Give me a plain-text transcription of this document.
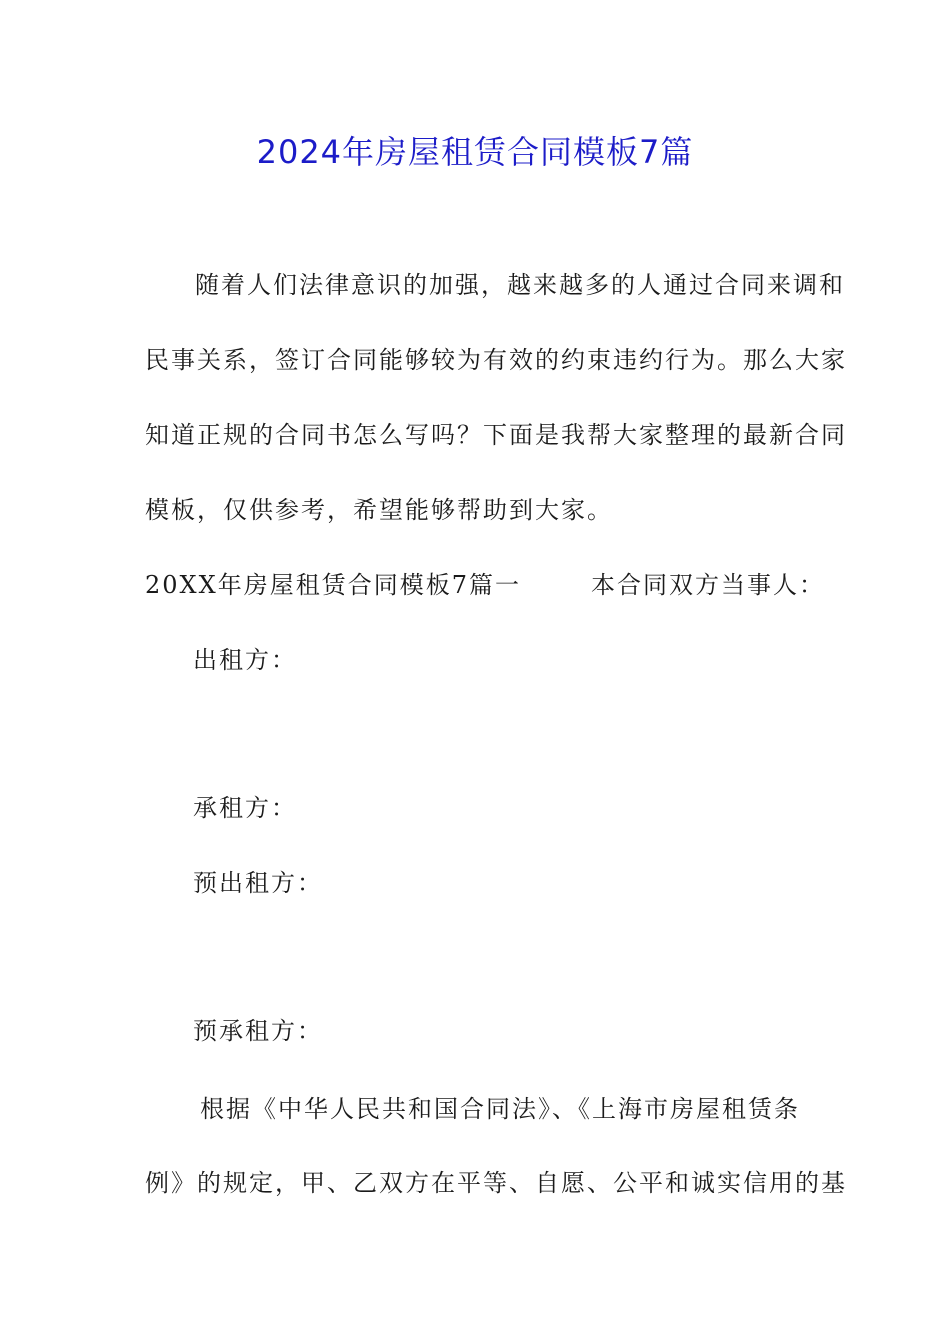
2024年房屋租赁合同模板7篇
随着人们法律意识的加强，越来越多的人通过合同来调和
民事关系，签订合同能够较为有效的约束违约行为。那么大家
知道正规的合同书怎么写吗？下面是我帮大家整理的最新合同
模板，仅供参考，希望能够帮助到大家。
20XX年房屋租赁合同模板7篇一	本合同双方当事人：
出租方：
承租方：
预出租方：
预承租方：
根据《中华人民共和国合同法》、《上海市房屋租赁条
例》的规定，甲、乙双方在平等、自愿、公平和诚实信用的基
